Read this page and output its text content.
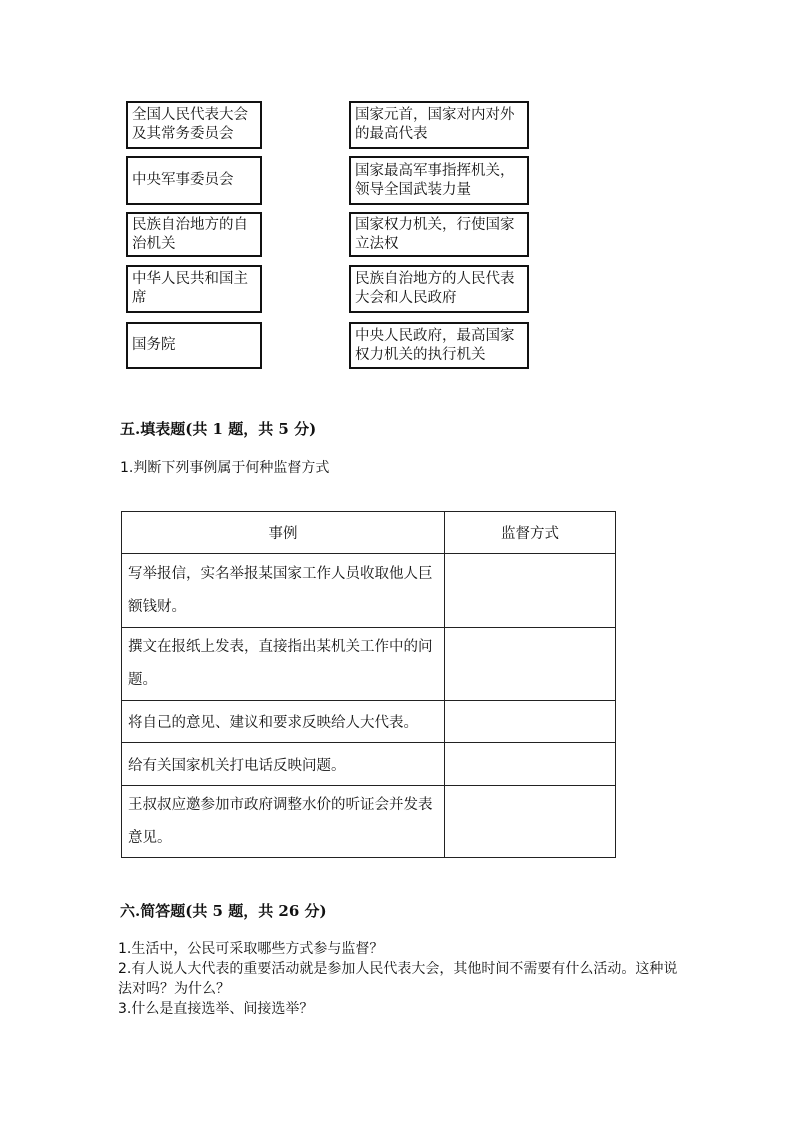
全国人民代表大会及其常务委员会
中央军事委员会
民族自治地方的自治机关
中华人民共和国主席
国务院
国家元首，国家对内对外的最高代表
国家最高军事指挥机关，领导全国武装力量
国家权力机关，行使国家立法权
民族自治地方的人民代表大会和人民政府
中央人民政府，最高国家权力机关的执行机关
五.填表题(共 1 题，共 5 分)
1.判断下列事例属于何种监督方式
事例	监督方式
写举报信，实名举报某国家工作人员收取他人巨额钱财。	
撰文在报纸上发表，直接指出某机关工作中的问题。	
将自己的意见、建议和要求反映给人大代表。	
给有关国家机关打电话反映问题。	
王叔叔应邀参加市政府调整水价的听证会并发表意见。	
六.简答题(共 5 题，共 26 分)
1.生活中，公民可采取哪些方式参与监督？
2.有人说人大代表的重要活动就是参加人民代表大会，其他时间不需要有什么活动。这种说法对吗？为什么？
3.什么是直接选举、间接选举？
